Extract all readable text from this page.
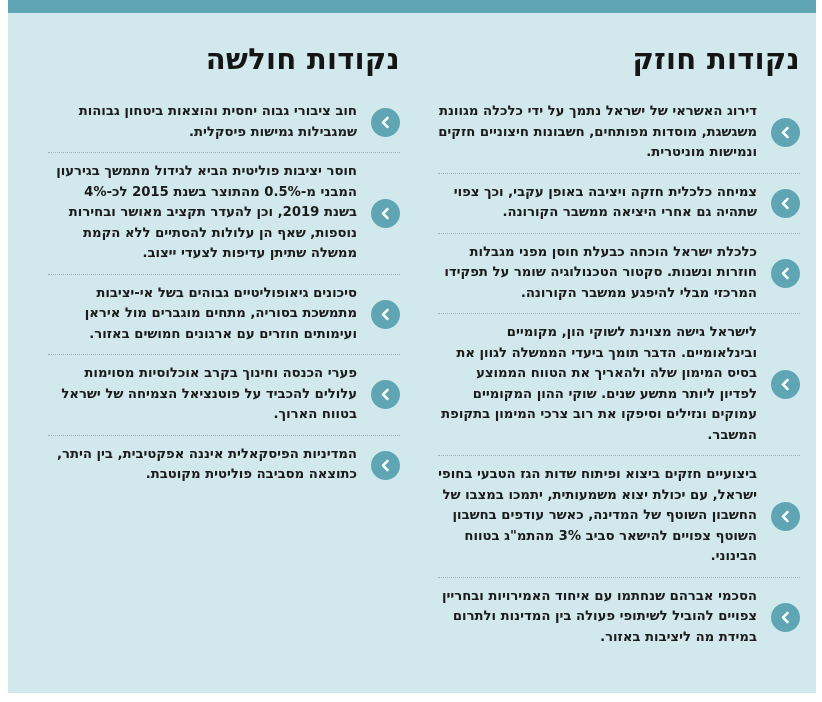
נקודות חוזק
דירוג האשראי של ישראל נתמך על ידי כלכלה מגוונת משגשגת, מוסדות מפותחים, חשבונות חיצוניים חזקים ונמישות מוניטרית.
צמיחה כלכלית חזקה ויציבה באופן עקבי, וכך צפוי שתהיה גם אחרי היציאה ממשבר הקורונה.
כלכלת ישראל הוכחה כבעלת חוסן מפני מגבלות חוזרות ונשנות. סקטור הטכנולוגיה שומר על תפקידו המרכזי מבלי להיפגע ממשבר הקורונה.
לישראל גישה מצוינת לשוקי הון, מקומיים ובינלאומיים. הדבר תומך ביעדי הממשלה לגוון את בסיס המימון שלה ולהאריך את הטווח הממוצע לפדיון ליותר מתשע שנים. שוקי ההון המקומיים עמוקים ונזילים וסיפקו את רוב צרכי המימון בתקופת המשבר.
ביצועיים חזקים ביצוא ופיתוח שדות הגז הטבעי בחופי ישראל, עם יכולת יצוא משמעותית, יתמכו במצבו של החשבון השוטף של המדינה, כאשר עודפים בחשבון השוטף צפויים להישאר סביב 3% מהתמ"ג בטווח הבינוני.
הסכמי אברהם שנחתמו עם איחוד האמירויות ובחריין צפויים להוביל לשיתופי פעולה בין המדינות ולתרום במידת מה ליציבות באזור.
נקודות חולשה
חוב ציבורי גבוה יחסית והוצאות ביטחון גבוהות שמגבילות גמישות פיסקלית.
חוסר יציבות פוליטית הביא לגידול מתמשך בגירעון המבני מ-0.5% מהתוצר בשנת 2015 לכ-4% בשנת 2019, וכן להעדר תקציב מאושר ובחירות נוספות, שאף הן עלולות להסתיים ללא הקמת ממשלה שתיתן עדיפות לצעדי ייצוב.
סיכונים גיאופוליטיים גבוהים בשל אי-יציבות מתמשכת בסוריה, מתחים מוגברים מול איראן ועימותים חוזרים עם ארגונים חמושים באזור.
פערי הכנסה וחינוך בקרב אוכלוסיות מסוימות עלולים להכביד על פוטנציאל הצמיחה של ישראל בטווח הארוך.
המדיניות הפיסקאלית איננה אפקטיבית, בין היתר, כתוצאה מסביבה פוליטית מקוטבת.
